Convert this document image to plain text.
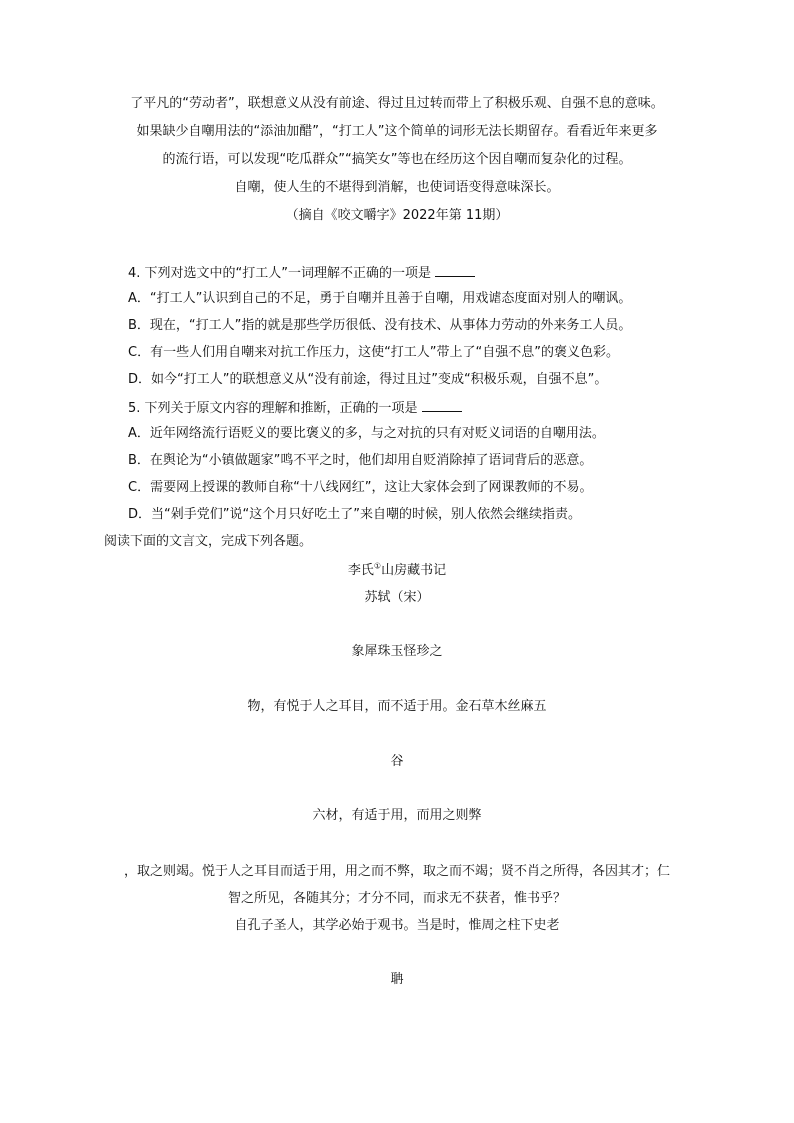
了平凡的“劳动者”，联想意义从没有前途、得过且过转而带上了积极乐观、自强不息的意味。
如果缺少自嘲用法的“添油加醋”，“打工人”这个简单的词形无法长期留存。看看近年来更多
的流行语，可以发现“吃瓜群众”“搞笑女”等也在经历这个因自嘲而复杂化的过程。
自嘲，使人生的不堪得到消解，也使词语变得意味深长。
（摘自《咬文嚼字》2022年第 11期）
4. 下列对选文中的“打工人”一词理解不正确的一项是
A．“打工人”认识到自己的不足，勇于自嘲并且善于自嘲，用戏谑态度面对别人的嘲讽。
B．现在，“打工人”指的就是那些学历很低、没有技术、从事体力劳动的外来务工人员。
C．有一些人们用自嘲来对抗工作压力，这使“打工人”带上了“自强不息”的褒义色彩。
D．如今“打工人”的联想意义从“没有前途，得过且过”变成“积极乐观，自强不息”。
5. 下列关于原文内容的理解和推断，正确的一项是
A．近年网络流行语贬义的要比褒义的多，与之对抗的只有对贬义词语的自嘲用法。
B．在舆论为“小镇做题家”鸣不平之时，他们却用自贬消除掉了语词背后的恶意。
C．需要网上授课的教师自称“十八线网红”，这让大家体会到了网课教师的不易。
D．当“剁手党们”说“这个月只好吃土了”来自嘲的时候，别人依然会继续指责。
阅读下面的文言文，完成下列各题。
李氏①山房藏书记
苏轼（宋）
象犀珠玉怪珍之
物，有悦于人之耳目，而不适于用。金石草木丝麻五
谷
六材，有适于用，而用之则弊
，取之则竭。悦于人之耳目而适于用，用之而不弊，取之而不竭；贤不肖之所得，各因其才；仁
智之所见，各随其分；才分不同，而求无不获者，惟书乎？
自孔子圣人，其学必始于观书。当是时，惟周之柱下史老
聃
